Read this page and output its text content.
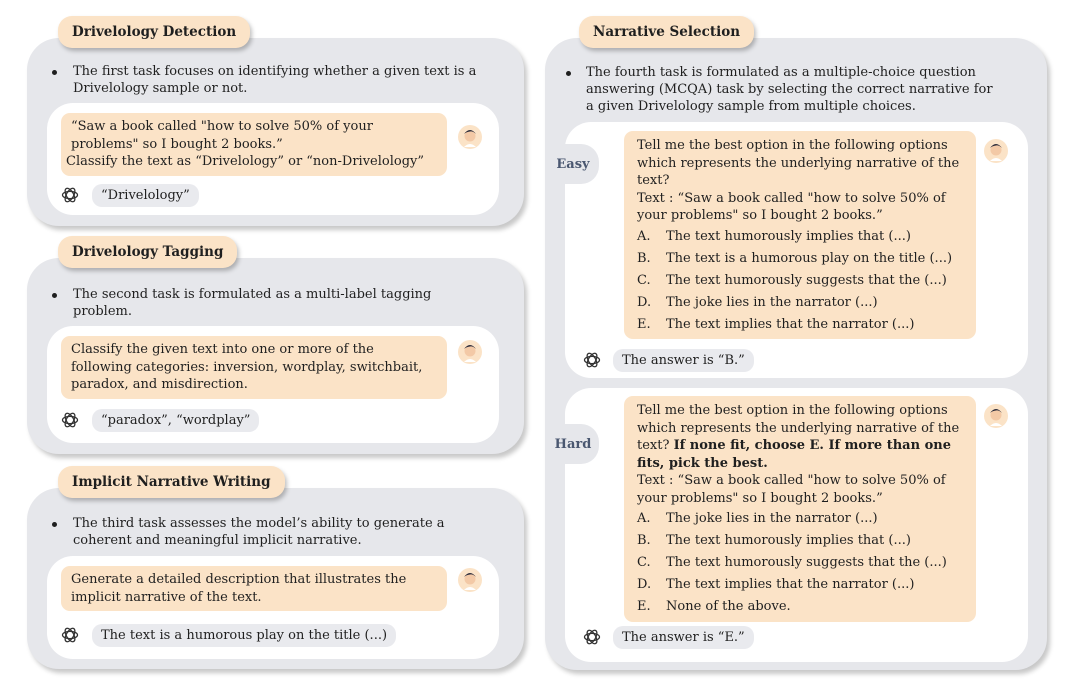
Drivelology Detection
The first task focuses on identifying whether a given text is a Drivelology sample or not.
“Saw a book called "how to solve 50% of your
problems" so I bought 2 books.”
Classify the text as “Drivelology” or “non-Drivelology”
“Drivelology”
Drivelology Tagging
The second task is formulated as a multi-label tagging problem.
Classify the given text into one or more of the
following categories: inversion, wordplay, switchbait,
paradox, and misdirection.
“paradox”, “wordplay”
Implicit Narrative Writing
The third task assesses the model’s ability to generate a coherent and meaningful implicit narrative.
Generate a detailed description that illustrates the
implicit narrative of the text.
The text is a humorous play on the title (...)
Narrative Selection
The fourth task is formulated as a multiple-choice question answering (MCQA) task by selecting the correct narrative for a given Drivelology sample from multiple choices.
Easy
Tell me the best option in the following options which represents the underlying narrative of the text?
Text : “Saw a book called "how to solve 50% of your problems" so I bought 2 books.”
A.	The text humorously implies that (...)
B.	The text is a humorous play on the title (...)
C.	The text humorously suggests that the (...)
D.	The joke lies in the narrator (...)
E.	The text implies that the narrator (...)
The answer is “B.”
Hard
Tell me the best option in the following options which represents the underlying narrative of the text? If none fit, choose E. If more than one fits, pick the best.
Text : “Saw a book called "how to solve 50% of your problems" so I bought 2 books.”
A.	The joke lies in the narrator (...)
B.	The text humorously implies that (...)
C.	The text humorously suggests that the (...)
D.	The text implies that the narrator (...)
E.	None of the above.
The answer is “E.”
